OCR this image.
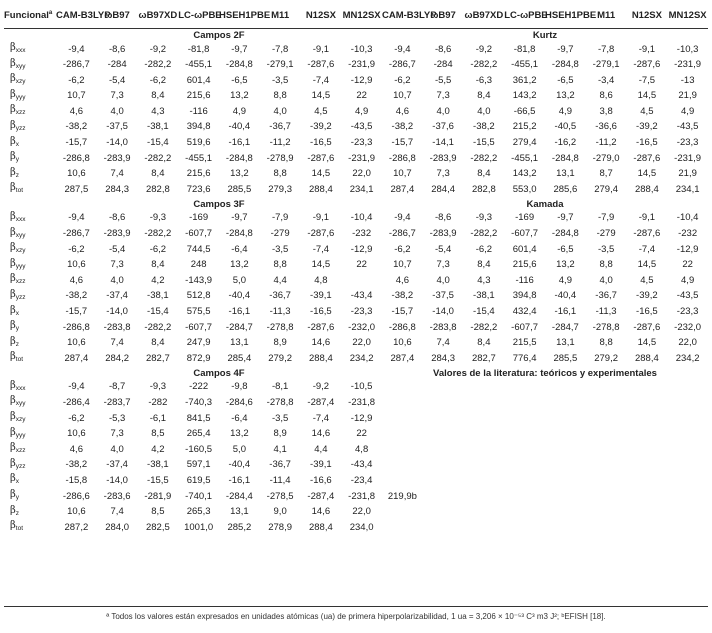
Funcional$^a$	CAM-B3LYP	ωB97	ωB97XD	LC-ωPBE	HSEH1PBE	M11	N12SX	MN12SX	CAM-B3LYP	ωB97	ωB97XD	LC-ωPBE	HSEH1PBE	M11	N12SX	MN12SX
	Campos 2F								Kurtz							
$\beta_{xxx}$	-9,4	-8,6	-9,2	-81,8	-9,7	-7,8	-9,1	-10,3	-9,4	-8,6	-9,2	-81,8	-9,7	-7,8	-9,1	-10,3
$\beta_{xyy}$	-286,7	-284	-282,2	-455,1	-284,8	-279,1	-287,6	-231,9	-286,7	-284	-282,2	-455,1	-284,8	-279,1	-287,6	-231,9
$\beta_{xzy}$	-6,2	-5,4	-6,2	601,4	-6,5	-3,5	-7,4	-12,9	-6,2	-5,5	-6,3	361,2	-6,5	-3,4	-7,5	-13
$\beta_{yyy}$	10,7	7,3	8,4	215,6	13,2	8,8	14,5	22	10,7	7,3	8,4	143,2	13,2	8,6	14,5	21,9
$\beta_{xzz}$	4,6	4,0	4,3	-116	4,9	4,0	4,5	4,9	4,6	4,0	4,0	-66,5	4,9	3,8	4,5	4,9
$\beta_{yzz}$	-38,2	-37,5	-38,1	394,8	-40,4	-36,7	-39,2	-43,5	-38,2	-37,6	-38,2	215,2	-40,5	-36,6	-39,2	-43,5
$\beta_x$	-15,7	-14,0	-15,4	519,6	-16,1	-11,2	-16,5	-23,3	-15,7	-14,1	-15,5	279,4	-16,2	-11,2	-16,5	-23,3
$\beta_y$	-286,8	-283,9	-282,2	-455,1	-284,8	-278,9	-287,6	-231,9	-286,8	-283,9	-282,2	-455,1	-284,8	-279,0	-287,6	-231,9
$\beta_z$	10,6	7,4	8,4	215,6	13,2	8,8	14,5	22,0	10,7	7,3	8,4	143,2	13,1	8,7	14,5	21,9
$\beta_{tot}$	287,5	284,3	282,8	723,6	285,5	279,3	288,4	234,1	287,4	284,4	282,8	553,0	285,6	279,4	288,4	234,1
	Campos 3F								Kamada							
$\beta_{xxx}$	-9,4	-8,6	-9,3	-169	-9,7	-7,9	-9,1	-10,4	-9,4	-8,6	-9,3	-169	-9,7	-7,9	-9,1	-10,4
$\beta_{xyy}$	-286,7	-283,9	-282,2	-607,7	-284,8	-279	-287,6	-232	-286,7	-283,9	-282,2	-607,7	-284,8	-279	-287,6	-232
$\beta_{xzy}$	-6,2	-5,4	-6,2	744,5	-6,4	-3,5	-7,4	-12,9	-6,2	-5,4	-6,2	601,4	-6,5	-3,5	-7,4	-12,9
$\beta_{yyy}$	10,6	7,3	8,4	248	13,2	8,8	14,5	22	10,7	7,3	8,4	215,6	13,2	8,8	14,5	22
$\beta_{xzz}$	4,6	4,0	4,2	-143,9	5,0	4,4	4,8		4,6	4,0	4,3	-116	4,9	4,0	4,5	4,9
$\beta_{yzz}$	-38,2	-37,4	-38,1	512,8	-40,4	-36,7	-39,1	-43,4	-38,2	-37,5	-38,1	394,8	-40,4	-36,7	-39,2	-43,5
$\beta_x$	-15,7	-14,0	-15,4	575,5	-16,1	-11,3	-16,5	-23,3	-15,7	-14,0	-15,4	432,4	-16,1	-11,3	-16,5	-23,3
$\beta_y$	-286,8	-283,8	-282,2	-607,7	-284,7	-278,8	-287,6	-232,0	-286,8	-283,8	-282,2	-607,7	-284,7	-278,8	-287,6	-232,0
$\beta_z$	10,6	7,4	8,4	247,9	13,1	8,9	14,6	22,0	10,6	7,4	8,4	215,5	13,1	8,8	14,5	22,0
$\beta_{tot}$	287,4	284,2	282,7	872,9	285,4	279,2	288,4	234,2	287,4	284,3	282,7	776,4	285,5	279,2	288,4	234,2
	Campos 4F								Valores de la literatura: teóricos y experimentales							
$\beta_{xxx}$	-9,4	-8,7	-9,3	-222	-9,8	-8,1	-9,2	-10,5								
$\beta_{xyy}$	-286,4	-283,7	-282	-740,3	-284,6	-278,8	-287,4	-231,8								
$\beta_{xzy}$	-6,2	-5,3	-6,1	841,5	-6,4	-3,5	-7,4	-12,9								
$\beta_{yyy}$	10,6	7,3	8,5	265,4	13,2	8,9	14,6	22								
$\beta_{xzz}$	4,6	4,0	4,2	-160,5	5,0	4,1	4,4	4,8								
$\beta_{yzz}$	-38,2	-37,4	-38,1	597,1	-40,4	-36,7	-39,1	-43,4								
$\beta_x$	-15,8	-14,0	-15,5	619,5	-16,1	-11,4	-16,6	-23,4								
$\beta_y$	-286,6	-283,6	-281,9	-740,1	-284,4	-278,5	-287,4	-231,8	219,9b							
$\beta_z$	10,6	7,4	8,5	265,3	13,1	9,0	14,6	22,0								
$\beta_{tot}$	287,2	284,0	282,5	1001,0	285,2	278,9	288,4	234,0								
ª Todos los valores están expresados en unidades atómicas (ua) de primera hiperpolarizabilidad, 1 ua = 3,206 × 10⁻⁵³ C³ m3 J²; ᵇEFISH [18].
